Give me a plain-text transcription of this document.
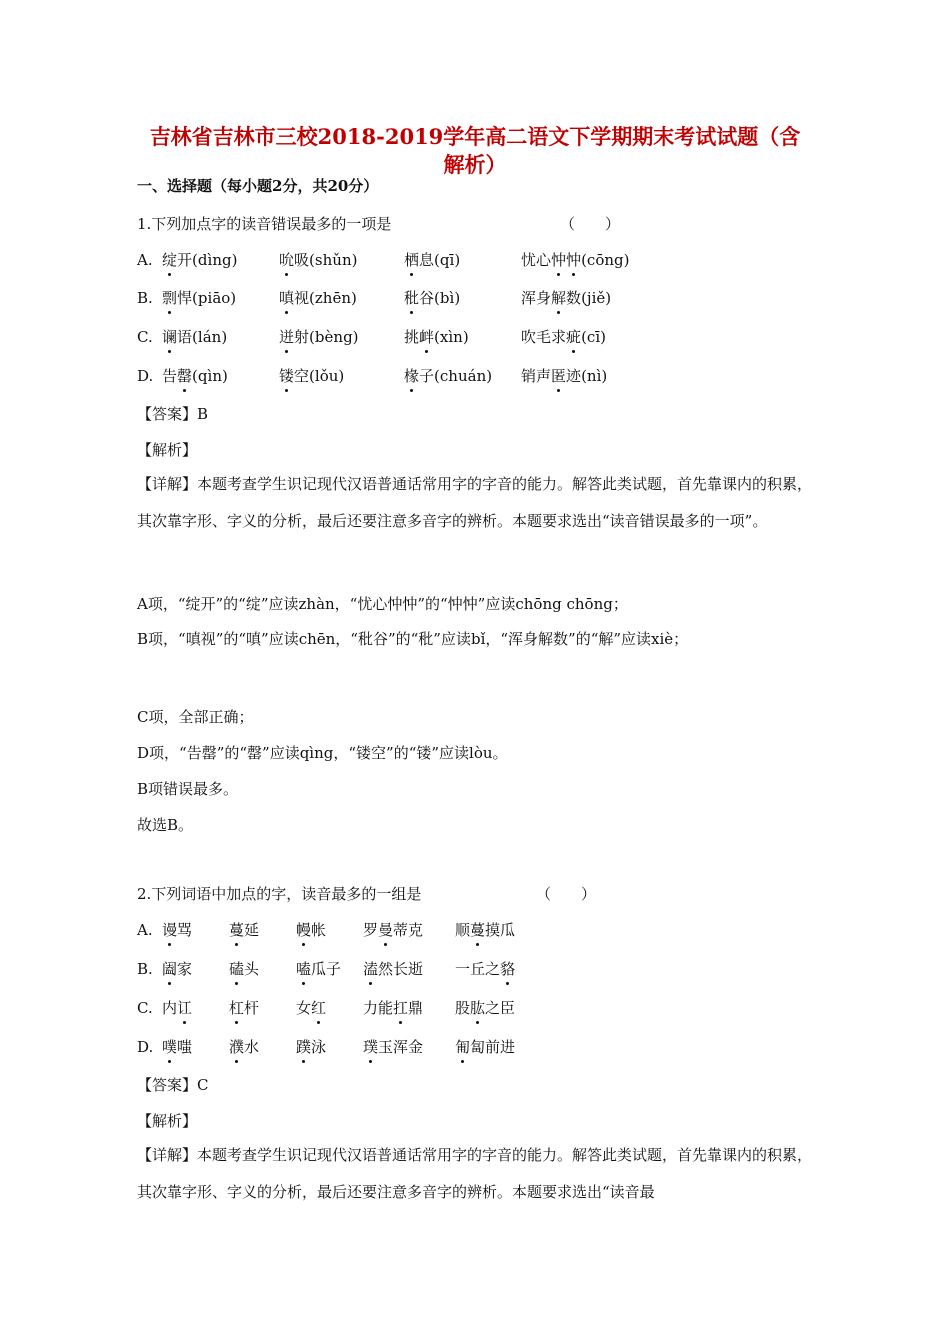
吉林省吉林市三校2018-2019学年高二语文下学期期末考试试题（含
解析）
一、选择题（每小题2分，共20分）
1.下列加点字的读音错误最多的一项是	（　　）
A. 绽开(dìng)	吮吸(shǔn)	栖息(qī)	忧心忡忡(cōng)
B. 剽悍(piāo)	嗔视(zhēn)	秕谷(bì)	浑身解数(jiě)
C. 谰语(lán)	迸射(bèng)	挑衅(xìn)	吹毛求疵(cī)
D. 告罄(qìn)	镂空(lǒu)	椽子(chuán) 销声匿迹(nì)
【答案】B
【解析】
【详解】本题考查学生识记现代汉语普通话常用字的字音的能力。解答此类试题，首先靠课内的积累，其次靠字形、字义的分析，最后还要注意多音字的辨析。本题要求选出“读音错误最多的一项”。
A项，“绽开”的“绽”应读zhàn，“忧心忡忡”的“忡忡”应读chōng chōng；
B项，“嗔视”的“嗔”应读chēn，“秕谷”的“秕”应读bǐ，“浑身解数”的“解”应读xiè；
C项，全部正确；
D项，“告罄”的“罄”应读qìng，“镂空”的“镂”应读lòu。
B项错误最多。
故选B。
2.下列词语中加点的字，读音最多的一组是	（　　）
A. 谩骂 蔓延 幔帐 罗曼蒂克 顺蔓摸瓜
B. 阖家 磕头 嗑瓜子 溘然长逝 一丘之貉
C. 内讧 杠杆 女红 力能扛鼎 股肱之臣
D. 噗嗤 濮水 蹼泳 璞玉浑金 匍匐前进
【答案】C
【解析】
【详解】本题考查学生识记现代汉语普通话常用字的字音的能力。解答此类试题，首先靠课内的积累，其次靠字形、字义的分析，最后还要注意多音字的辨析。本题要求选出“读音最
